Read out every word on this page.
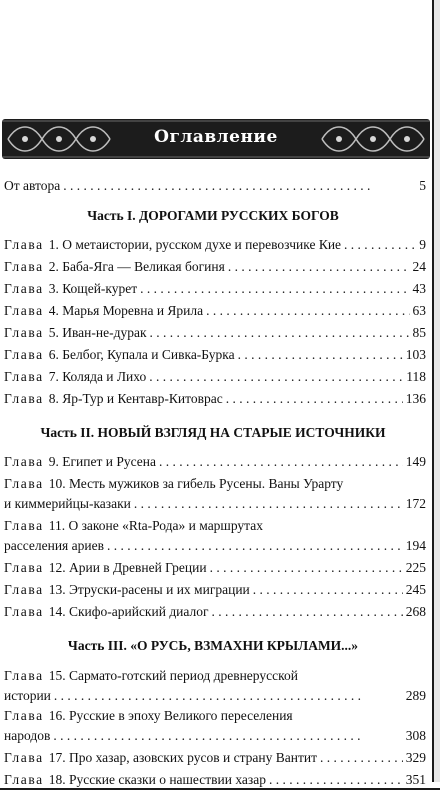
Оглавление
От автора . .	5
Часть I. ДОРОГАМИ РУССКИХ БОГОВ
Глава 1. О метаистории, русском духе и перевозчике Кие . .	9
Глава 2. Баба-Яга — Великая богиня . .	24
Глава 3. Кощей-курет . .	43
Глава 4. Марья Моревна и Ярила . .	63
Глава 5. Иван-не-дурак . .	85
Глава 6. Белбог, Купала и Сивка-Бурка . .	103
Глава 7. Коляда и Лихо . .	118
Глава 8. Яр-Тур и Кентавр-Китоврас . .	136
Часть II. НОВЫЙ ВЗГЛЯД НА СТАРЫЕ ИСТОЧНИКИ
Глава 9. Египет и Русена . .	149
Глава 10. Месть мужиков за гибель Русены. Ваны Урарту
и киммерийцы-казаки . .	172
Глава 11. О законе «Rta-Рода» и маршрутах
расселения ариев . .	194
Глава 12. Арии в Древней Греции . .	225
Глава 13. Этруски-расены и их миграции . .	245
Глава 14. Скифо-арийский диалог . .	268
Часть III. «О РУСЬ, ВЗМАХНИ КРЫЛАМИ...»
Глава 15. Сармато-готский период древнерусской
истории . .	289
Глава 16. Русские в эпоху Великого переселения
народов . .	308
Глава 17. Про хазар, азовских русов и страну Вантит . .	329
Глава 18. Русские сказки о нашествии хазар . .	351
